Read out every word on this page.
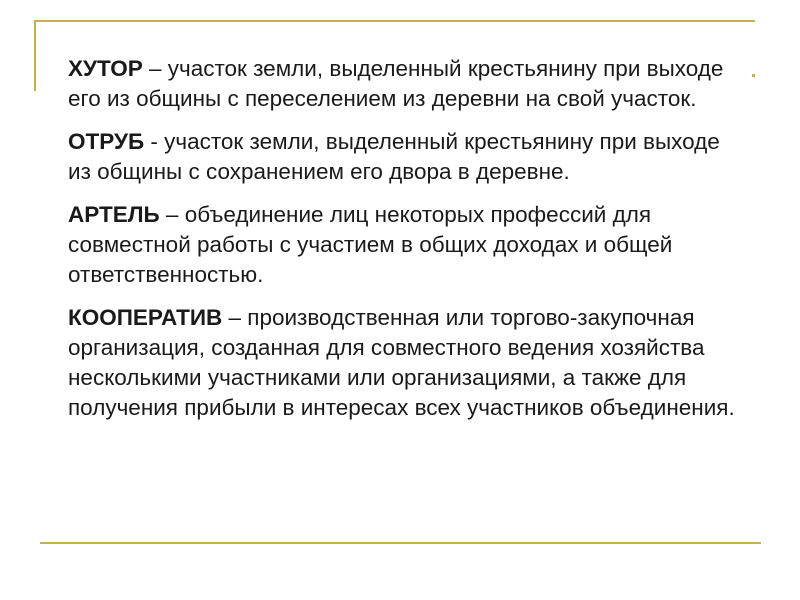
ХУТОР – участок земли, выделенный крестьянину при выходе его из общины с переселением из деревни на свой участок.

ОТРУБ - участок земли, выделенный крестьянину при выходе из общины с сохранением его двора в деревне.

АРТЕЛЬ – объединение лиц некоторых профессий для совместной работы с участием в общих доходах и общей ответственностью.

КООПЕРАТИВ – производственная или торгово-закупочная организация, созданная для совместного ведения хозяйства несколькими участниками или организациями, а также для получения прибыли в интересах всех участников объединения.
